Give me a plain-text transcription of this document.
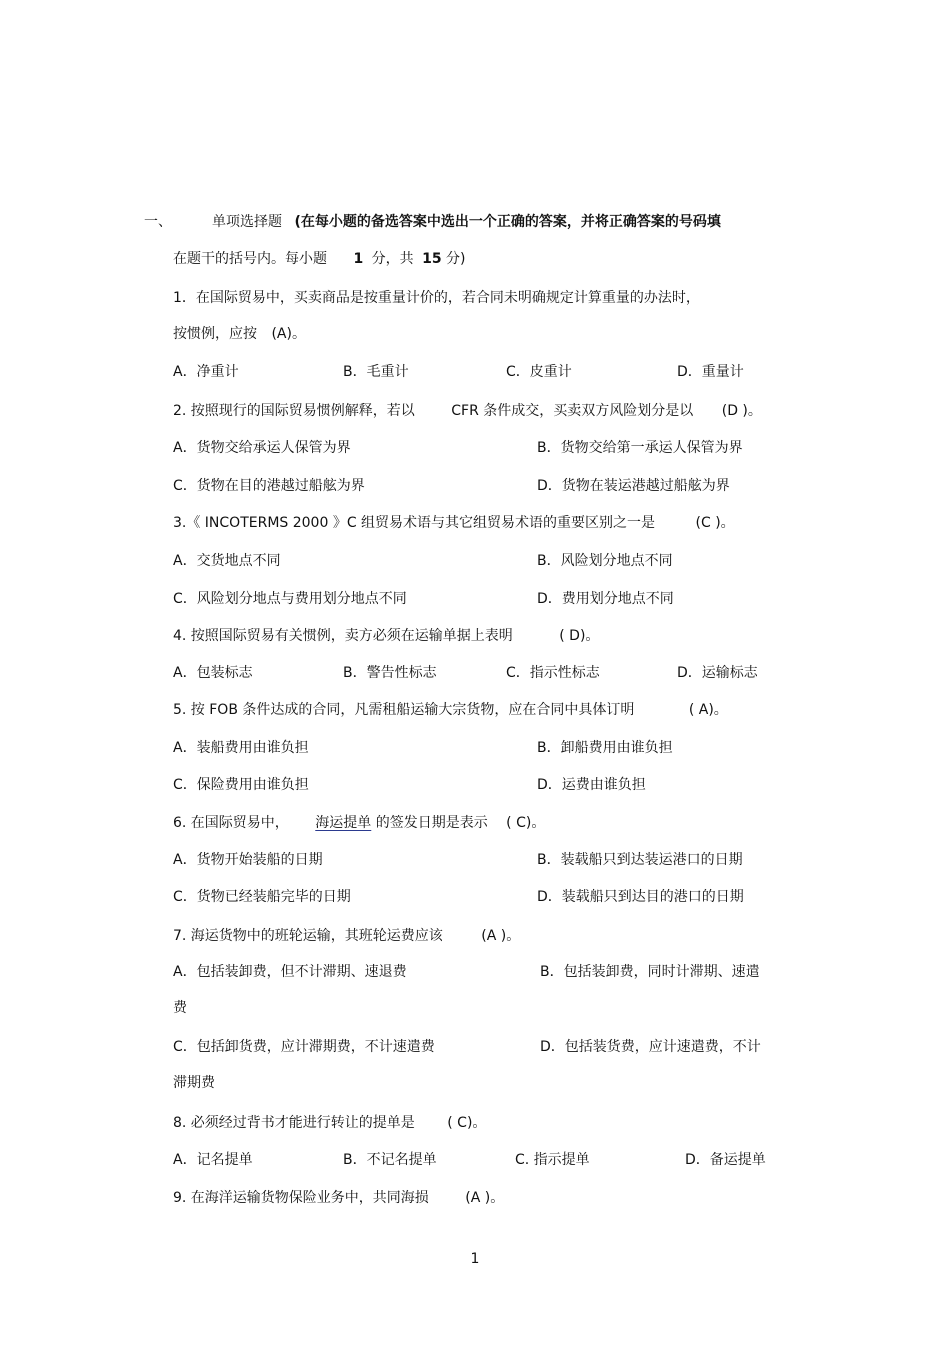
一、	单项选择题 (在每小题的备选答案中选出一个正确的答案，并将正确答案的号码填
在题干的括号内。每小题 1 分，共 15 分)
1．在国际贸易中，买卖商品是按重量计价的，若合同未明确规定计算重量的办法时，
按惯例，应按 (A)。
A．净重计	B．毛重计	C．皮重计	D．重量计
2. 按照现行的国际贸易惯例解释，若以	CFR 条件成交，买卖双方风险划分是以 (D )。
A．货物交给承运人保管为界	B．货物交给第一承运人保管为界
C．货物在目的港越过船舷为界	D．货物在装运港越过船舷为界
3.《 INCOTERMS 2000 》C 组贸易术语与其它组贸易术语的重要区别之一是	(C )。
A．交货地点不同	B．风险划分地点不同
C．风险划分地点与费用划分地点不同	D．费用划分地点不同
4. 按照国际贸易有关惯例，卖方必须在运输单据上表明	( D)。
A．包装标志	B．警告性标志	C．指示性标志	D．运输标志
5. 按 FOB 条件达成的合同，凡需租船运输大宗货物，应在合同中具体订明	( A)。
A．装船费用由谁负担	B．卸船费用由谁负担
C．保险费用由谁负担	D．运费由谁负担
6. 在国际贸易中， 海运提单 的签发日期是表示 ( C)。
A．货物开始装船的日期	B．装载船只到达装运港口的日期
C．货物已经装船完毕的日期	D．装载船只到达目的港口的日期
7. 海运货物中的班轮运输，其班轮运费应该	(A )。
A．包括装卸费，但不计滞期、速退费	B．包括装卸费，同时计滞期、速遣
费
C．包括卸货费，应计滞期费，不计速遣费	D．包括装货费，应计速遣费，不计
滞期费
8. 必须经过背书才能进行转让的提单是 ( C)。
A．记名提单	B．不记名提单	C. 指示提单	D．备运提单
9. 在海洋运输货物保险业务中，共同海损	(A )。
1
